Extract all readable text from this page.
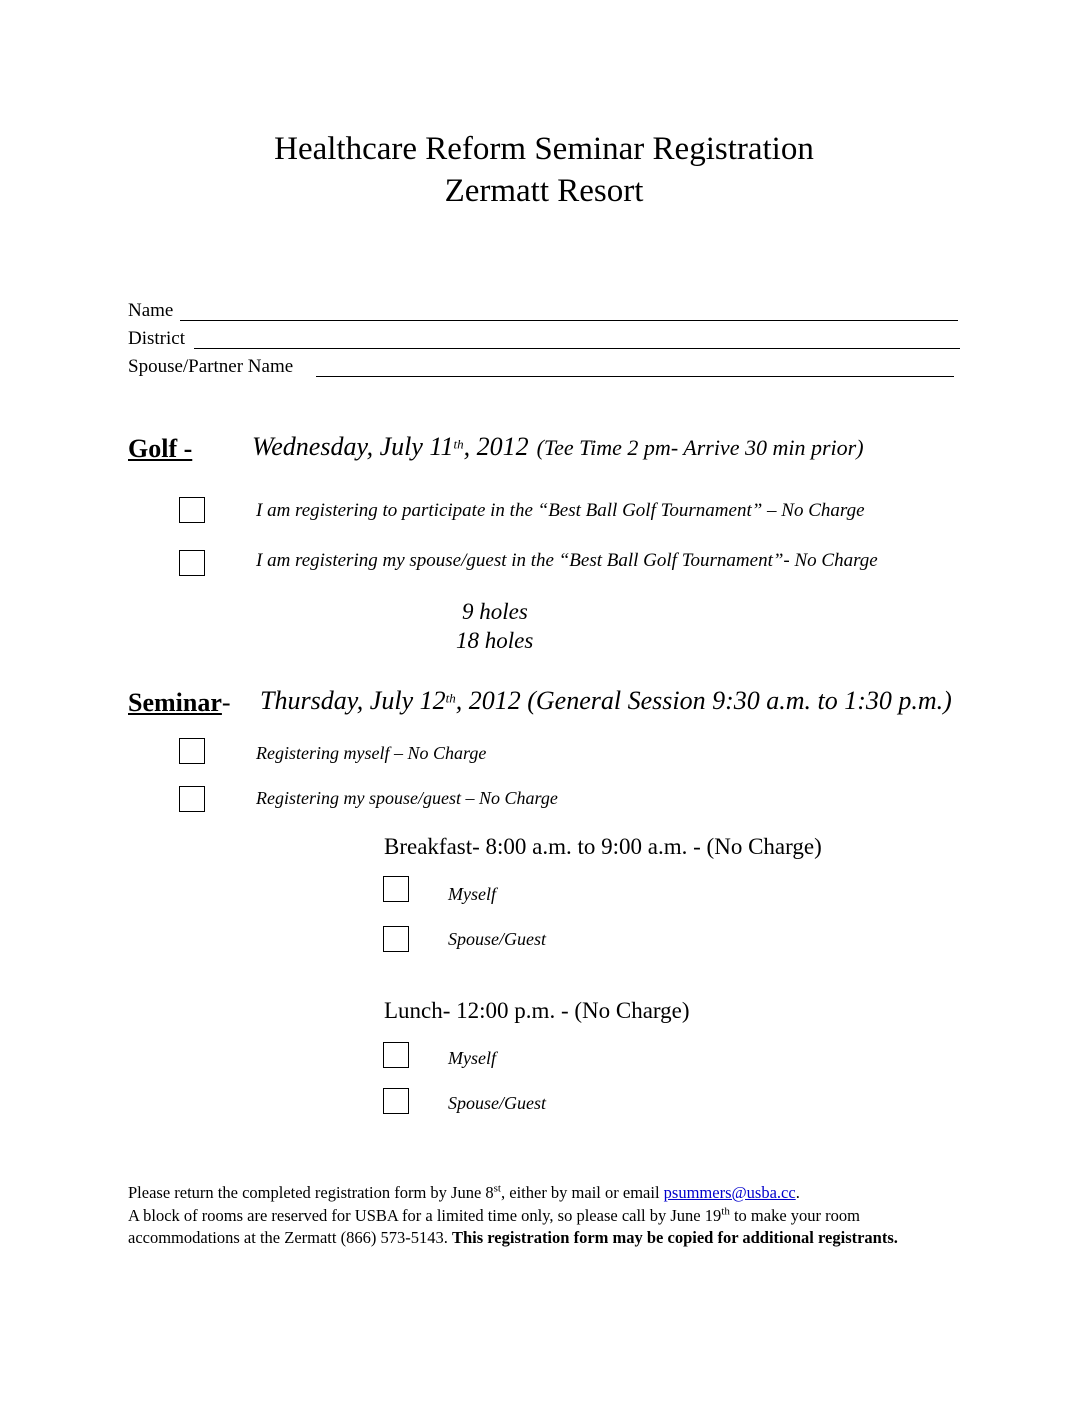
Healthcare Reform Seminar Registration
Zermatt Resort
Name
District
Spouse/Partner Name
Golf - Wednesday, July 11th, 2012 (Tee Time 2 pm- Arrive 30 min prior)
I am registering to participate in the “Best Ball Golf Tournament” – No Charge
I am registering my spouse/guest in the “Best Ball Golf Tournament”- No Charge
9 holes
18 holes
Seminar- Thursday, July 12th, 2012 (General Session 9:30 a.m. to 1:30 p.m.)
Registering myself – No Charge
Registering my spouse/guest – No Charge
Breakfast- 8:00 a.m. to 9:00 a.m. - (No Charge)
Myself
Spouse/Guest
Lunch- 12:00 p.m. - (No Charge)
Myself
Spouse/Guest
Please return the completed registration form by June 8st, either by mail or email psummers@usba.cc.
A block of rooms are reserved for USBA for a limited time only, so please call by June 19th to make your room accommodations at the Zermatt (866) 573-5143. This registration form may be copied for additional registrants.
